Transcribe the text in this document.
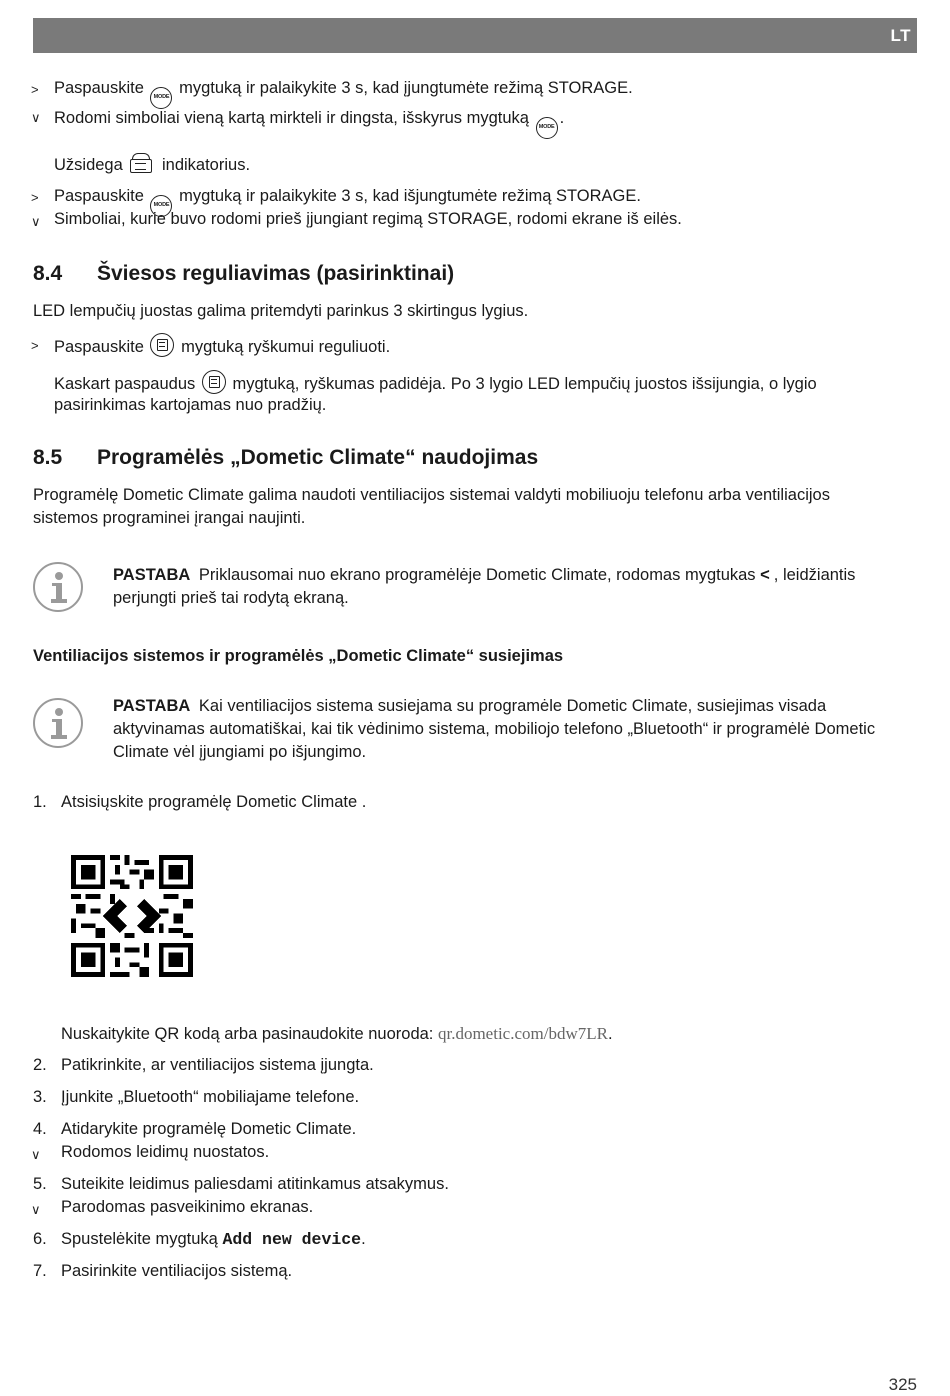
LT
> Paspauskite MODE mygtuką ir palaikykite 3 s, kad įjungtumėte režimą STORAGE.
∨ Rodomi simboliai vieną kartą mirkteli ir dingsta, išskyrus mygtuką MODE .
Užsidega indikatorius.
> Paspauskite MODE mygtuką ir palaikykite 3 s, kad išjungtumėte režimą STORAGE.
∨ Simboliai, kurie buvo rodomi prieš įjungiant regimą STORAGE, rodomi ekrane iš eilės.
8.4 Šviesos reguliavimas (pasirinktinai)
LED lempučių juostas galima pritemdyti parinkus 3 skirtingus lygius.
> Paspauskite mygtuką ryškumui reguliuoti.
Kaskart paspaudus mygtuką, ryškumas padidėja. Po 3 lygio LED lempučių juostos išsijungia, o lygio
pasirinkimas kartojamas nuo pradžių.
8.5 Programėlės „Dometic Climate“ naudojimas
Programėlę Dometic Climate galima naudoti ventiliacijos sistemai valdyti mobiliuoju telefonu arba ventiliacijos
sistemos programinei įrangai naujinti.
PASTABA Priklausomai nuo ekrano programėlėje Dometic Climate, rodomas mygtukas < , leidžiantis
perjungti prieš tai rodytą ekraną.
Ventiliacijos sistemos ir programėlės „Dometic Climate“ susiejimas
PASTABA Kai ventiliacijos sistema susiejama su programėle Dometic Climate, susiejimas visada
aktyvinamas automatiškai, kai tik vėdinimo sistema, mobiliojo telefono „Bluetooth“ ir programėlė Dometic
Climate vėl įjungiami po išjungimo.
1. Atsisiųskite programėlę Dometic Climate .
Nuskaitykite QR kodą arba pasinaudokite nuoroda: qr.dometic.com/bdw7LR.
2. Patikrinkite, ar ventiliacijos sistema įjungta.
3. Įjunkite „Bluetooth“ mobiliajame telefone.
4. Atidarykite programėlę Dometic Climate.
∨ Rodomos leidimų nuostatos.
5. Suteikite leidimus paliesdami atitinkamus atsakymus.
∨ Parodomas pasveikinimo ekranas.
6. Spustelėkite mygtuką Add new device.
7. Pasirinkite ventiliacijos sistemą.
325
